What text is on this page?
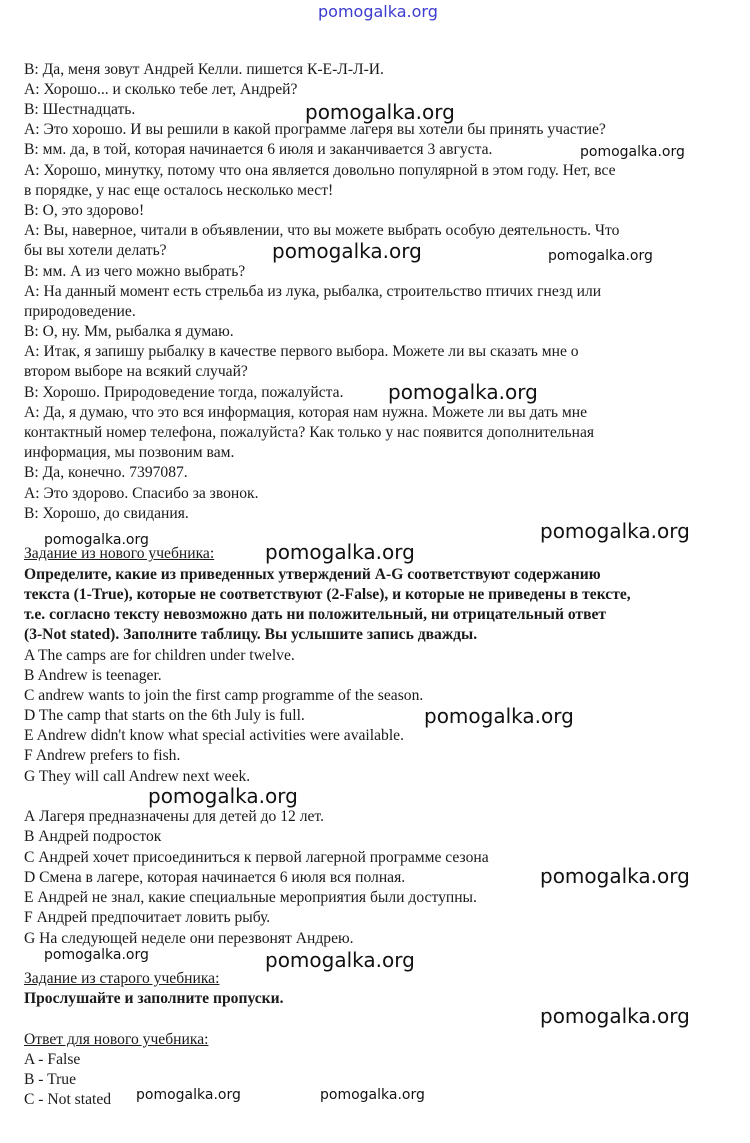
pomogalka.org
В: Да, меня зовут Андрей Келли. пишется К-Е-Л-Л-И.
А: Хорошо... и сколько тебе лет, Андрей?
В: Шестнадцать.
А: Это хорошо. И вы решили в какой программе лагеря вы хотели бы принять участие?
В: мм. да, в той, которая начинается 6 июля и заканчивается 3 августа.
А: Хорошо, минутку, потому что она является довольно популярной в этом году. Нет, все
в порядке, у нас еще осталось несколько мест!
В: О, это здорово!
А: Вы, наверное, читали в объявлении, что вы можете выбрать особую деятельность. Что
бы вы хотели делать?
В: мм. А из чего можно выбрать?
А: На данный момент есть стрельба из лука, рыбалка, строительство птичих гнезд или
природоведение.
В: О, ну. Мм, рыбалка я думаю.
А: Итак, я запишу рыбалку в качестве первого выбора. Можете ли вы сказать мне о
втором выборе на всякий случай?
В: Хорошо. Природоведение тогда, пожалуйста.
А: Да, я думаю, что это вся информация, которая нам нужна. Можете ли вы дать мне
контактный номер телефона, пожалуйста? Как только у нас появится дополнительная
информация, мы позвоним вам.
В: Да, конечно. 7397087.
А: Это здорово. Спасибо за звонок.
В: Хорошо, до свидания.
Задание из нового учебника:
Определите, какие из приведенных утверждений A-G соответствуют содержанию
текста (1-True), которые не соответствуют (2-False), и которые не приведены в тексте,
т.е. согласно тексту невозможно дать ни положительный, ни отрицательный ответ
(3-Not stated). Заполните таблицу. Вы услышите запись дважды.
A The camps are for children under twelve.
B Andrew is teenager.
C andrew wants to join the first camp programme of the season.
D The camp that starts on the 6th July is full.
E Andrew didn't know what special activities were available.
F Andrew prefers to fish.
G They will call Andrew next week.
А Лагеря предназначены для детей до 12 лет.
В Андрей подросток
С Андрей хочет присоединиться к первой лагерной программе сезона
D Смена в лагере, которая начинается 6 июля вся полная.
Е Андрей не знал, какие специальные мероприятия были доступны.
F Андрей предпочитает ловить рыбу.
G На следующей неделе они перезвонят Андрею.
Задание из старого учебника:
Прослушайте и заполните пропуски.
Ответ для нового учебника:
A - False
B - True
C - Not stated
pomogalka.org
pomogalka.org
pomogalka.org	pomogalka.org
pomogalka.org
pomogalka.org
pomogalka.org	pomogalka.org
pomogalka.org
pomogalka.org
pomogalka.org
pomogalka.org	pomogalka.org
pomogalka.org
pomogalka.org	pomogalka.org
